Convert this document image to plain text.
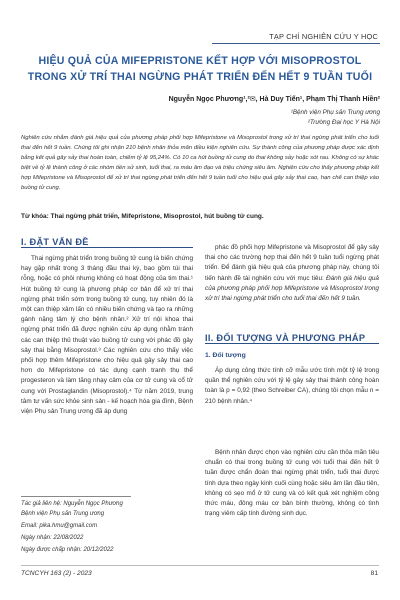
TẠP CHÍ NGHIÊN CỨU Y HỌC
HIỆU QUẢ CỦA MIFEPRISTONE KẾT HỢP VỚI MISOPROSTOL
TRONG XỬ TRÍ THAI NGỪNG PHÁT TRIỂN ĐẾN HẾT 9 TUẦN TUỔI
Nguyễn Ngọc Phương¹,²✉, Hà Duy Tiến¹, Phạm Thị Thanh Hiền²
¹Bệnh viện Phụ sản Trung ương
²Trường Đại học Y Hà Nội
Nghiên cứu nhằm đánh giá hiệu quả của phương pháp phối hợp Mifepristone và Misoprostol trong xử trí thai ngừng phát triển cho tuổi thai đến hết 9 tuần. Chúng tôi ghi nhận 210 bệnh nhân thỏa mãn điều kiện nghiên cứu. Sự thành công của phương pháp được xác định bằng kết quả gây sảy thai hoàn toàn, chiếm tỷ lệ 95,24%. Có 10 ca hút buồng tử cung do thai không sảy hoặc sót rau. Không có sự khác biệt về tỷ lệ thành công ở các nhóm tiền sử sinh, tuổi thai, ra máu âm đạo và triệu chứng siêu âm. Nghiên cứu cho thấy phương pháp kết hợp Mifepristone và Misoprostol để xử trí thai ngừng phát triển đến hết 9 tuần tuổi cho hiệu quả gây sảy thai cao, hạn chế can thiệp vào buồng tử cung.
Từ khóa: Thai ngừng phát triển, Mifepristone, Misoprostol, hút buồng tử cung.
I. ĐẶT VẤN ĐỀ
Thai ngừng phát triển trong buồng tử cung là biến chứng hay gặp nhất trong 3 tháng đầu thai kỳ, bao gồm túi thai rỗng, hoặc có phôi nhưng không có hoạt động của tim thai.¹ Hút buồng tử cung là phương pháp cơ bản để xử trí thai ngừng phát triển sớm trong buồng tử cung, tuy nhiên đó là một can thiệp xâm lấn có nhiều biến chứng và tạo ra những gánh nặng tâm lý cho bệnh nhân.² Xử trí nội khoa thai ngừng phát triển đã được nghiên cứu áp dụng nhằm tránh các can thiệp thủ thuật vào buồng tử cung với phác đồ gây sảy thai bằng Misoprostol.³ Các nghiên cứu cho thấy việc phối hợp thêm Mifepristone cho hiệu quả gây sảy thai cao hơn do Mifepristone có tác dụng cạnh tranh thụ thể progesteron và làm tăng nhạy cảm của cơ tử cung và cổ tử cung với Prostaglandin (Misoprostol).⁴ Từ năm 2019, trung tâm tư vấn sức khỏe sinh sản - kế hoạch hóa gia đình, Bệnh viện Phụ sản Trung ương đã áp dụng
phác đồ phối hợp Mifepristone và Misoprostol để gây sảy thai cho các trường hợp thai đến hết 9 tuần tuổi ngừng phát triển. Để đánh giá hiệu quả của phương pháp này, chúng tôi tiến hành đề tài nghiên cứu với mục tiêu: Đánh giá hiệu quả của phương pháp phối hợp Mifepristone và Misoprostol trong xử trí thai ngừng phát triển cho tuổi thai đến hết 9 tuần.
II. ĐỐI TƯỢNG VÀ PHƯƠNG PHÁP
1. Đối tượng
Áp dụng công thức tính cỡ mẫu ước tính một tỷ lệ trong quần thể nghiên cứu với tỷ lệ gây sảy thai thành công hoàn toàn là p = 0,92 (theo Schreiber CA), chúng tôi chọn mẫu n = 210 bệnh nhân.⁴
Bệnh nhân được chọn vào nghiên cứu cần thỏa mãn tiêu chuẩn có thai trong buồng tử cung với tuổi thai đến hết 9 tuần được chẩn đoán thai ngừng phát triển, tuổi thai được tính dựa theo ngày kinh cuối cùng hoặc siêu âm lần đầu tiên, không có sẹo mổ ở tử cung và có kết quả xét nghiệm công thức máu, đông máu cơ bản bình thường, không có tình trạng viêm cấp tính đường sinh dục.
Tác giả liên hệ: Nguyễn Ngọc Phương
Bệnh viện Phụ sản Trung ương
Email: pika.hmu@gmail.com
Ngày nhận: 22/08/2022
Ngày được chấp nhận: 20/12/2022
TCNCYH 163 (2) - 2023	81
